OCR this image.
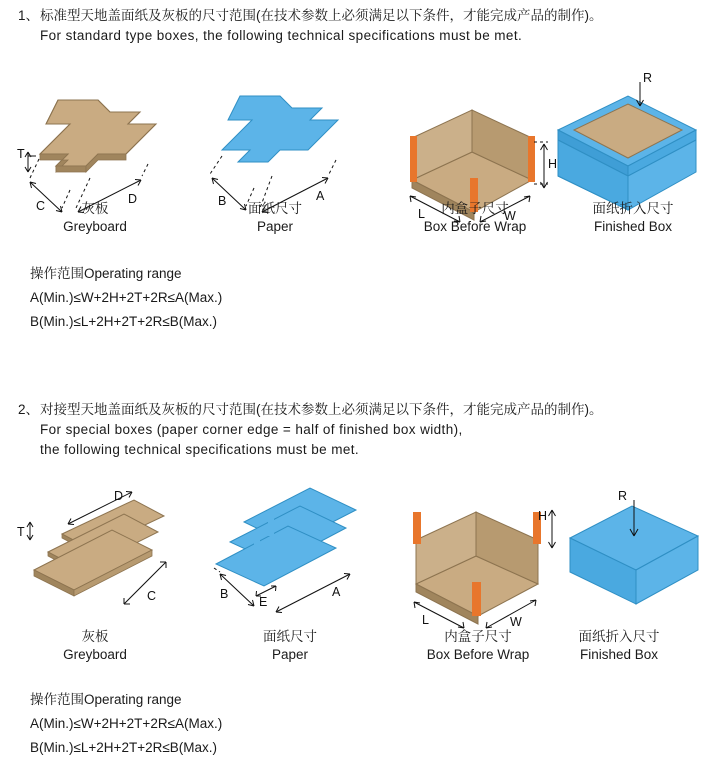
1、标准型天地盖面纸及灰板的尺寸范围(在技术参数上必须满足以下条件，才能完成产品的制作)。
For standard type boxes, the following technical specifications must be met.
T
C	D	B	A
H
L	W
R
灰板
Greyboard
面纸尺寸
Paper
内盒子尺寸
Box Before Wrap
面纸折入尺寸
Finished Box
操作范围Operating range
A(Min.)≤W+2H+2T+2R≤A(Max.)
B(Min.)≤L+2H+2T+2R≤B(Max.)
2、对接型天地盖面纸及灰板的尺寸范围(在技术参数上必须满足以下条件，才能完成产品的制作)。
For special boxes (paper corner edge = half of finished box width),
the following technical specifications must be met.
T
D
C	B	A
E
H
L	W
R
灰板
Greyboard
面纸尺寸
Paper
内盒子尺寸
Box Before Wrap
面纸折入尺寸
Finished Box
操作范围Operating range
A(Min.)≤W+2H+2T+2R≤A(Max.)
B(Min.)≤L+2H+2T+2R≤B(Max.)
